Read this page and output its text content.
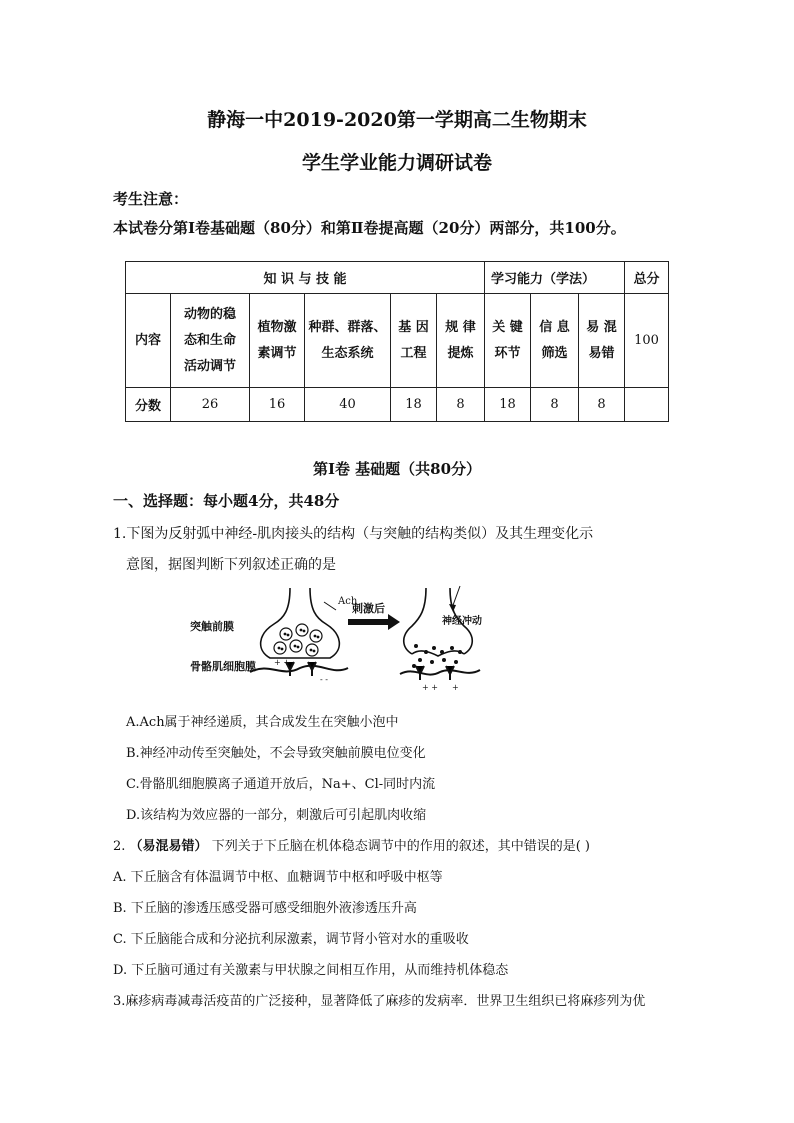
静海一中2019-2020第一学期高二生物期末
学生学业能力调研试卷
考生注意：
本试卷分第Ⅰ卷基础题（80分）和第Ⅱ卷提高题（20分）两部分，共100分。
知 识 与 技 能						学习能力（学法）			总分
内容	动物的稳
态和生命
活动调节	植物激
素调节	种群、群落、
生态系统	基 因
工程	规 律
提炼	关 键
环节	信 息
筛选	易 混
易错	100
分数	26	16	40	18	8	18	8	8	
第Ⅰ卷 基础题（共80分）
一、选择题：每小题4分，共48分
1.下图为反射弧中神经-肌肉接头的结构（与突触的结构类似）及其生理变化示
意图，据图判断下列叙述正确的是
+ +
- -
+ + +
突触前膜
Ach
刺激后
神经冲动
骨骼肌细胞膜
A.Ach属于神经递质，其合成发生在突触小泡中
B.神经冲动传至突触处，不会导致突触前膜电位变化
C.骨骼肌细胞膜离子通道开放后，Na+、Cl-同时内流
D.该结构为效应器的一部分，刺激后可引起肌肉收缩
2. （易混易错） 下列关于下丘脑在机体稳态调节中的作用的叙述，其中错误的是( )
A. 下丘脑含有体温调节中枢、血糖调节中枢和呼吸中枢等
B. 下丘脑的渗透压感受器可感受细胞外液渗透压升高
C. 下丘脑能合成和分泌抗利尿激素，调节肾小管对水的重吸收
D. 下丘脑可通过有关激素与甲状腺之间相互作用，从而维持机体稳态
3.麻疹病毒减毒活疫苗的广泛接种，显著降低了麻疹的发病率．世界卫生组织已将麻疹列为优
